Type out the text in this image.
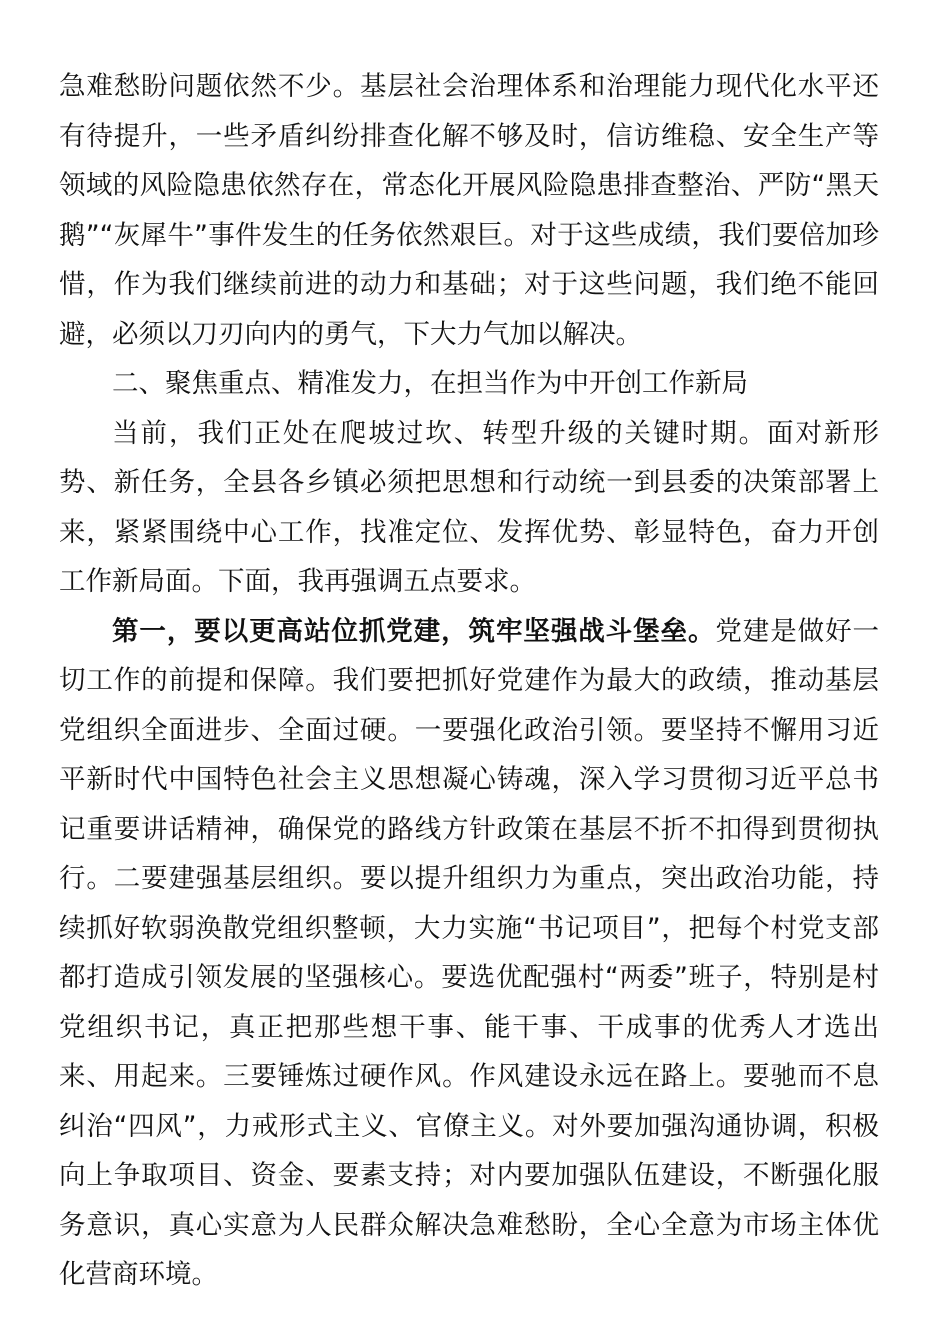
急难愁盼问题依然不少。基层社会治理体系和治理能力现代化水平还有待提升，一些矛盾纠纷排查化解不够及时，信访维稳、安全生产等领域的风险隐患依然存在，常态化开展风险隐患排查整治、严防“黑天鹅”“灰犀牛”事件发生的任务依然艰巨。对于这些成绩，我们要倍加珍惜，作为我们继续前进的动力和基础；对于这些问题，我们绝不能回避，必须以刀刃向内的勇气，下大力气加以解决。

二、聚焦重点、精准发力，在担当作为中开创工作新局

当前，我们正处在爬坡过坎、转型升级的关键时期。面对新形势、新任务，全县各乡镇必须把思想和行动统一到县委的决策部署上来，紧紧围绕中心工作，找准定位、发挥优势、彰显特色，奋力开创工作新局面。下面，我再强调五点要求。

第一，要以更高站位抓党建，筑牢坚强战斗堡垒。党建是做好一切工作的前提和保障。我们要把抓好党建作为最大的政绩，推动基层党组织全面进步、全面过硬。一要强化政治引领。要坚持不懈用习近平新时代中国特色社会主义思想凝心铸魂，深入学习贯彻习近平总书记重要讲话精神，确保党的路线方针政策在基层不折不扣得到贯彻执行。二要建强基层组织。要以提升组织力为重点，突出政治功能，持续抓好软弱涣散党组织整顿，大力实施“书记项目”，把每个村党支部都打造成引领发展的坚强核心。要选优配强村“两委”班子，特别是村党组织书记，真正把那些想干事、能干事、干成事的优秀人才选出来、用起来。三要锤炼过硬作风。作风建设永远在路上。要驰而不息纠治“四风”，力戒形式主义、官僚主义。对外要加强沟通协调，积极向上争取项目、资金、要素支持；对内要加强队伍建设，不断强化服务意识，真心实意为人民群众解决急难愁盼，全心全意为市场主体优化营商环境。
